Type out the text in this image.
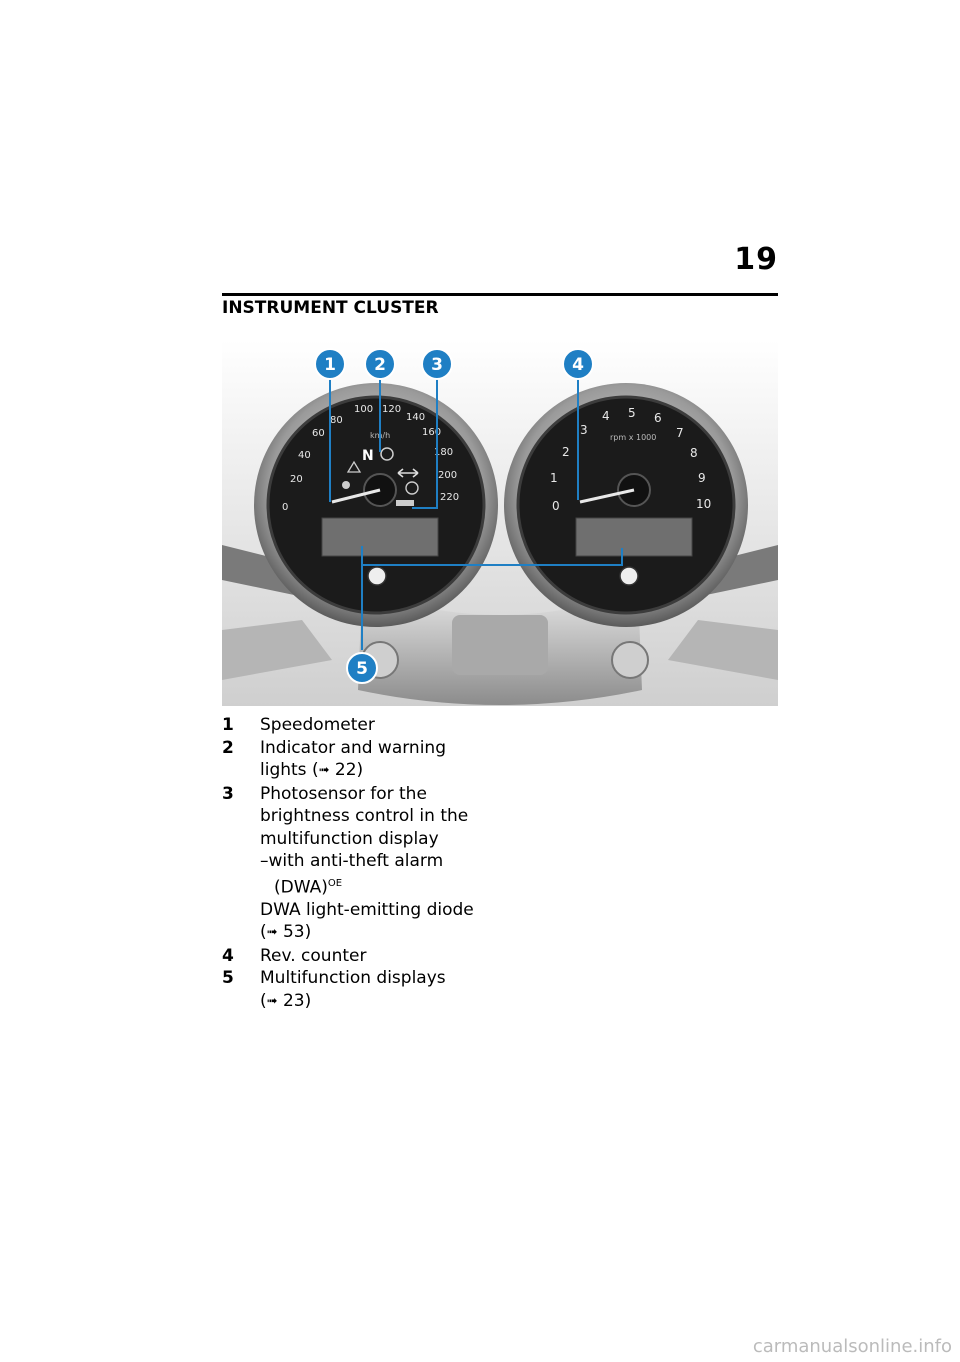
19
INSTRUMENT CLUSTER
0
20
40
60
80
100 120
140
160
180
200
220
km/h
N
0
1
2
3
4 5 6
7
8
9
10
rpm x 1000
1 2	3	4
5
1	Speedometer
2	Indicator and warning
lights (➟ 22)
3	Photosensor for the
brightness control in the
multifunction display
–with anti-theft alarm
(DWA)$^{OE}$
DWA light-emitting diode
(➟ 53)
4	Rev. counter
5	Multifunction displays
(➟ 23)
carmanualsonline.info
